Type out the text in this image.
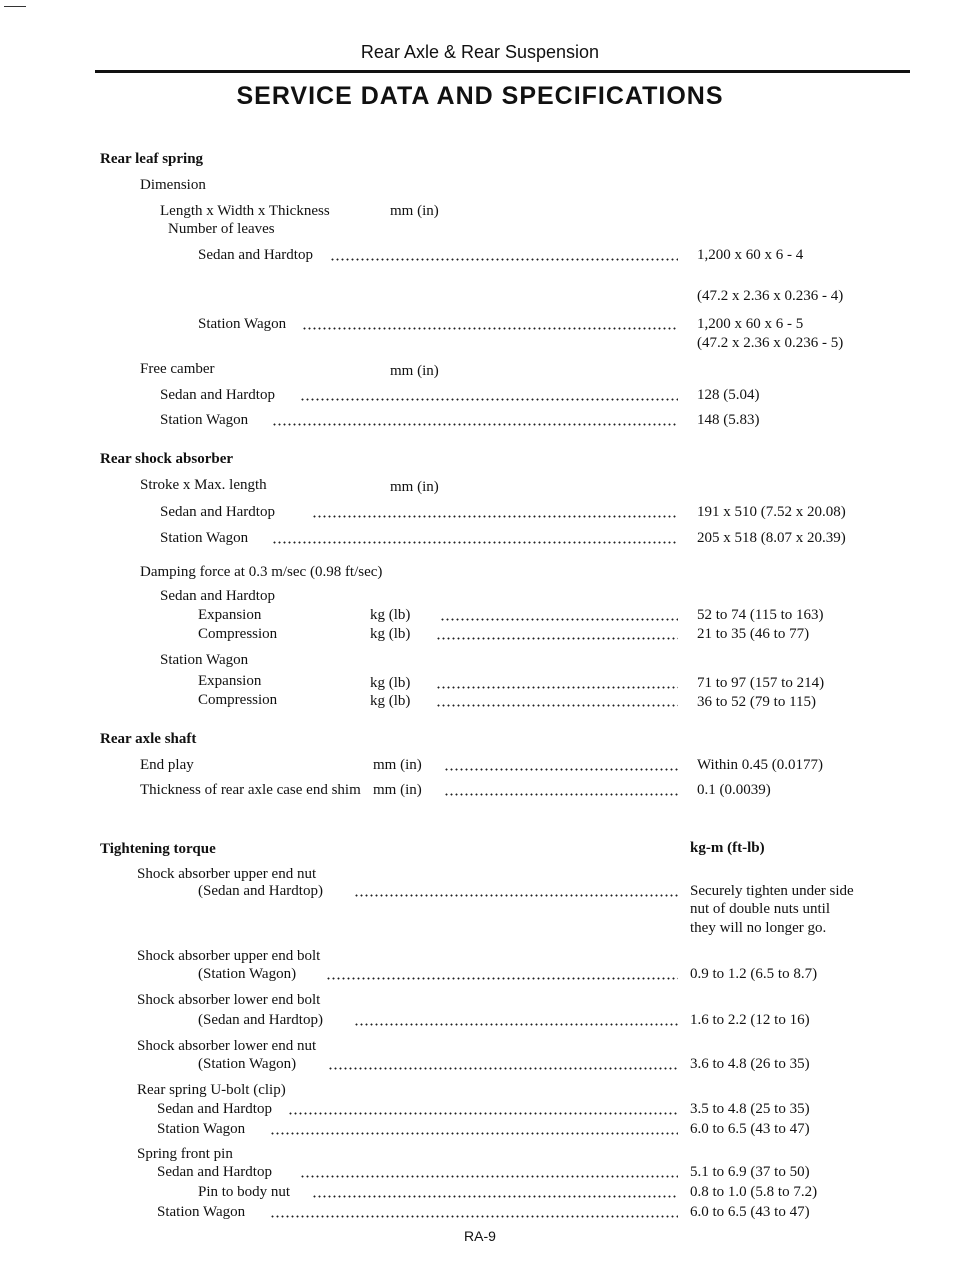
Rear Axle & Rear Suspension
SERVICE DATA AND SPECIFICATIONS
Rear leaf spring
Dimension
Length x Width x Thickness	mm (in)
Number of leaves
Sedan and Hardtop	1,200 x 60 x 6 - 4
(47.2 x 2.36 x 0.236 - 4)
Station Wagon	1,200 x 60 x 6 - 5
(47.2 x 2.36 x 0.236 - 5)
Free camber	mm (in)
Sedan and Hardtop	128 (5.04)
Station Wagon	148 (5.83)
Rear shock absorber
Stroke x Max. length	mm (in)
Sedan and Hardtop	191 x 510 (7.52 x 20.08)
Station Wagon	205 x 518 (8.07 x 20.39)
Damping force at 0.3 m/sec (0.98 ft/sec)
Sedan and Hardtop
Expansion	kg (lb)	52 to 74 (115 to 163)
Compression	kg (lb)	21 to 35 (46 to 77)
Station Wagon
Expansion	kg (lb)	71 to 97 (157 to 214)
Compression	kg (lb)	36 to 52 (79 to 115)
Rear axle shaft
End play	mm (in)	Within 0.45 (0.0177)
Thickness of rear axle case end shim mm (in)	0.1 (0.0039)
Tightening torque	kg-m (ft-lb)
Shock absorber upper end nut
(Sedan and Hardtop)	Securely tighten under side
nut of double nuts until
they will no longer go.
Shock absorber upper end bolt
(Station Wagon)	0.9 to 1.2 (6.5 to 8.7)
Shock absorber lower end bolt
(Sedan and Hardtop)	1.6 to 2.2 (12 to 16)
Shock absorber lower end nut
(Station Wagon)	3.6 to 4.8 (26 to 35)
Rear spring U-bolt (clip)
Sedan and Hardtop	3.5 to 4.8 (25 to 35)
Station Wagon	6.0 to 6.5 (43 to 47)
Spring front pin
Sedan and Hardtop	5.1 to 6.9 (37 to 50)
Pin to body nut	0.8 to 1.0 (5.8 to 7.2)
Station Wagon	6.0 to 6.5 (43 to 47)
RA-9
